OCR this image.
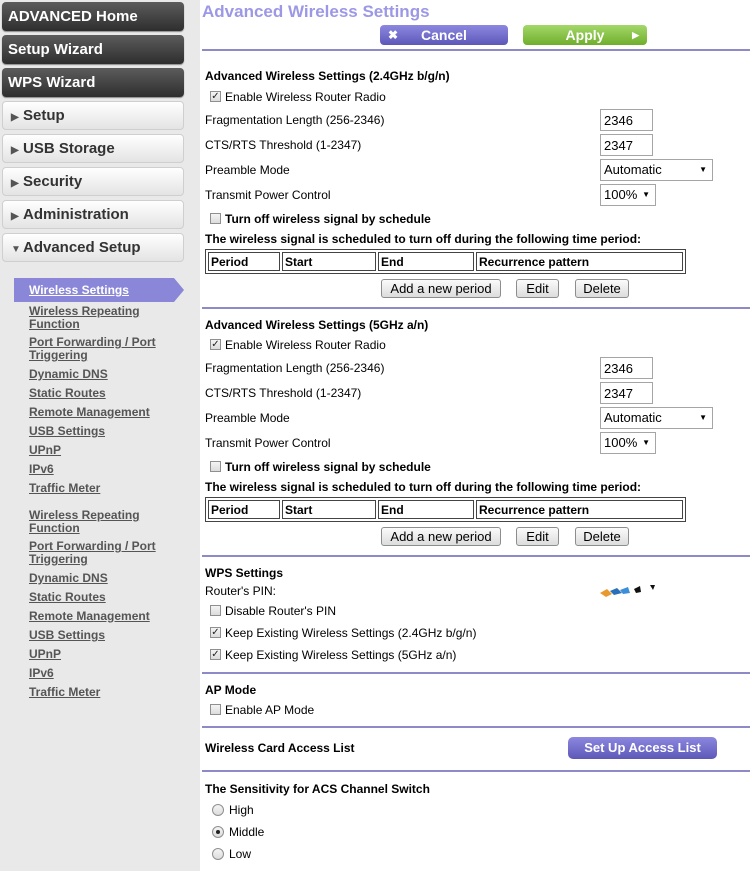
ADVANCED Home
Setup Wizard
WPS Wizard
▶ Setup
▶ USB Storage
▶ Security
▶ Administration
▼ Advanced Setup
Wireless Settings
Wireless Repeating Function
Port Forwarding / Port Triggering
Dynamic DNS
Static Routes
Remote Management
USB Settings
UPnP
IPv6
Traffic Meter
Wireless Repeating Function
Port Forwarding / Port Triggering
Dynamic DNS
Static Routes
Remote Management
USB Settings
UPnP
IPv6
Traffic Meter
Advanced Wireless Settings
✖ Cancel	Apply	▶
Advanced Wireless Settings (2.4GHz b/g/n)
✓ Enable Wireless Router Radio
Fragmentation Length (256-2346)
2346
CTS/RTS Threshold (1-2347)
2347
Preamble Mode	Automatic	▼
Transmit Power Control	100% ▼
Turn off wireless signal by schedule
The wireless signal is scheduled to turn off during the following time period:
Period	Start	End	Recurrence pattern
Add a new period	Edit	Delete
Advanced Wireless Settings (5GHz a/n)
✓ Enable Wireless Router Radio
Fragmentation Length (256-2346)
2346
CTS/RTS Threshold (1-2347)
2347
Preamble Mode	Automatic	▼
Transmit Power Control	100% ▼
Turn off wireless signal by schedule
The wireless signal is scheduled to turn off during the following time period:
Period	Start	End	Recurrence pattern
Add a new period	Edit	Delete
WPS Settings
Router's PIN:
Disable Router's PIN
✓ Keep Existing Wireless Settings (2.4GHz b/g/n)
✓ Keep Existing Wireless Settings (5GHz a/n)
AP Mode
Enable AP Mode
Wireless Card Access List	Set Up Access List
The Sensitivity for ACS Channel Switch
High
Middle
Low
